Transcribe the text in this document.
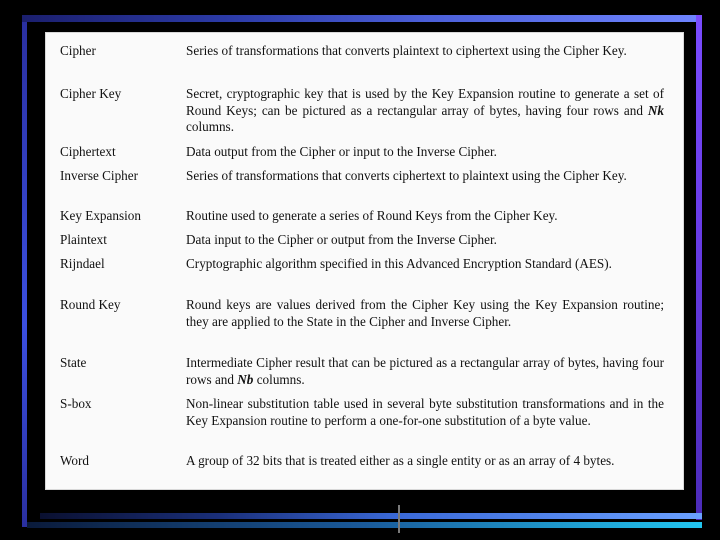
Cipher	Series of transformations that converts plaintext to ciphertext using the Cipher Key.
Cipher Key	Secret, cryptographic key that is used by the Key Expansion routine to generate a set of Round Keys; can be pictured as a rectangular array of bytes, having four rows and Nk columns.
Ciphertext	Data output from the Cipher or input to the Inverse Cipher.
Inverse Cipher	Series of transformations that converts ciphertext to plaintext using the Cipher Key.
Key Expansion	Routine used to generate a series of Round Keys from the Cipher Key.
Plaintext	Data input to the Cipher or output from the Inverse Cipher.
Rijndael	Cryptographic algorithm specified in this Advanced Encryption Standard (AES).
Round Key	Round keys are values derived from the Cipher Key using the Key Expansion routine; they are applied to the State in the Cipher and Inverse Cipher.
State	Intermediate Cipher result that can be pictured as a rectangular array of bytes, having four rows and Nb columns.
S-box	Non-linear substitution table used in several byte substitution transformations and in the Key Expansion routine to perform a one-for-one substitution of a byte value.
Word	A group of 32 bits that is treated either as a single entity or as an array of 4 bytes.
